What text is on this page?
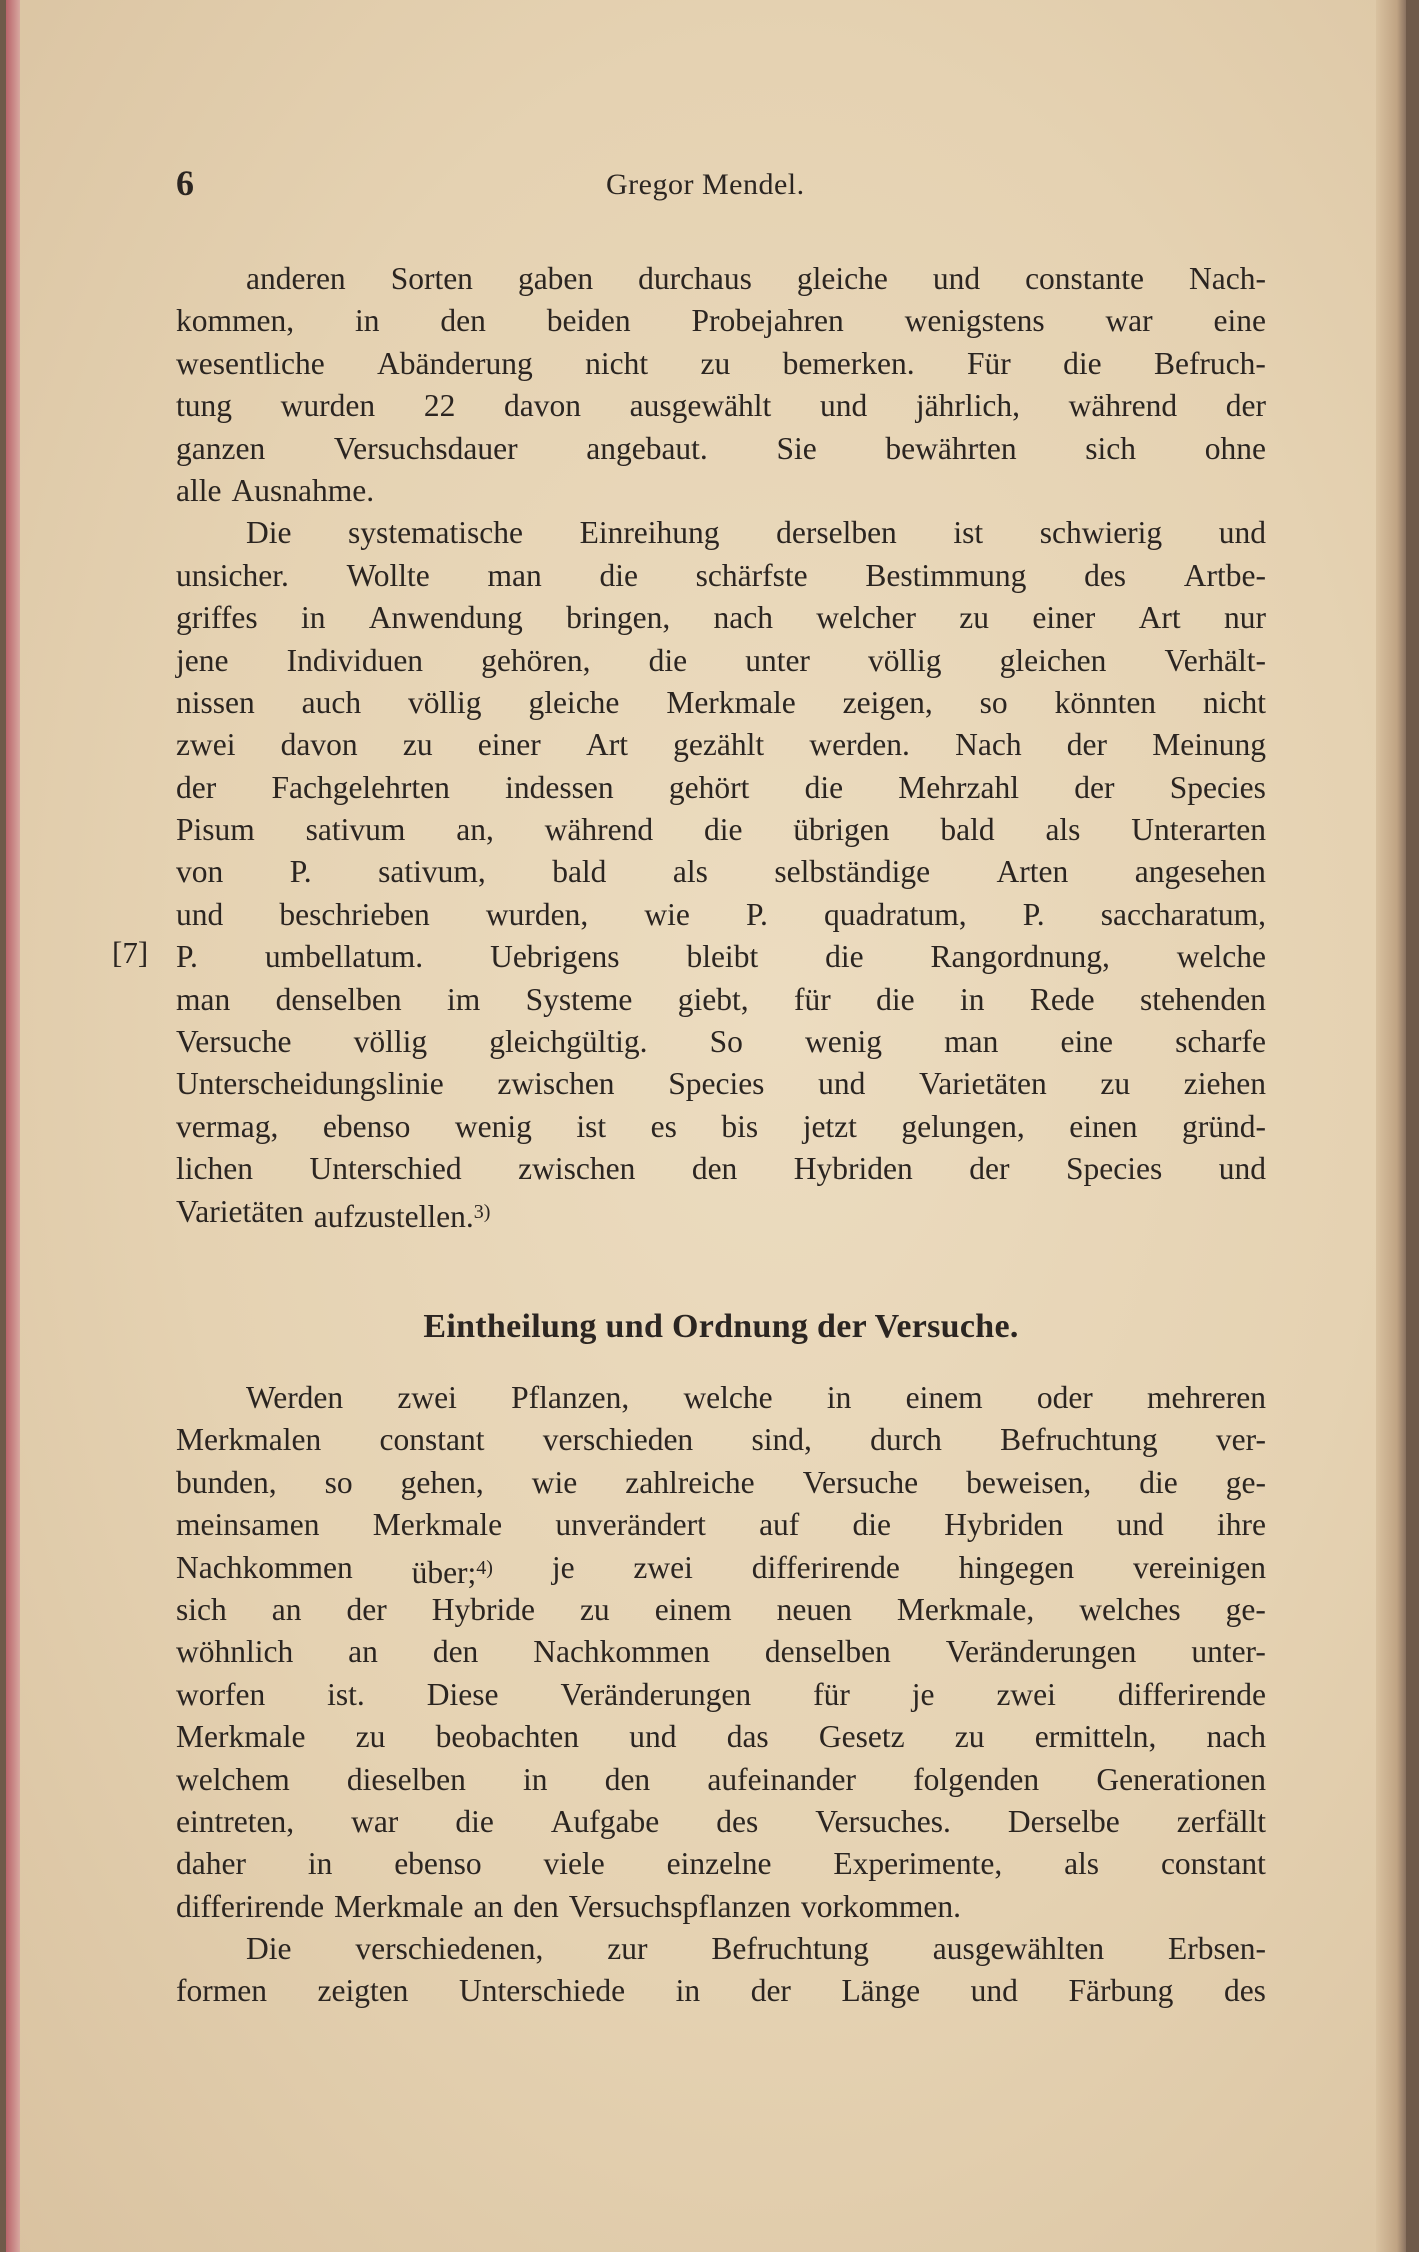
6	Gregor Mendel.
[7]
anderen Sorten gaben durchaus gleiche und constante Nach-
kommen, in den beiden Probejahren wenigstens war eine
wesentliche Abänderung nicht zu bemerken. Für die Befruch-
tung wurden 22 davon ausgewählt und jährlich, während der
ganzen Versuchsdauer angebaut. Sie bewährten sich ohne
alle Ausnahme.
Die systematische Einreihung derselben ist schwierig und
unsicher. Wollte man die schärfste Bestimmung des Artbe-
griffes in Anwendung bringen, nach welcher zu einer Art nur
jene Individuen gehören, die unter völlig gleichen Verhält-
nissen auch völlig gleiche Merkmale zeigen, so könnten nicht
zwei davon zu einer Art gezählt werden. Nach der Meinung
der Fachgelehrten indessen gehört die Mehrzahl der Species
Pisum sativum an, während die übrigen bald als Unterarten
von P. sativum, bald als selbständige Arten angesehen
und beschrieben wurden, wie P. quadratum, P. saccharatum,
P. umbellatum. Uebrigens bleibt die Rangordnung, welche
man denselben im Systeme giebt, für die in Rede stehenden
Versuche völlig gleichgültig. So wenig man eine scharfe
Unterscheidungslinie zwischen Species und Varietäten zu ziehen
vermag, ebenso wenig ist es bis jetzt gelungen, einen gründ-
lichen Unterschied zwischen den Hybriden der Species und
Varietäten aufzustellen.$^{3)}$
Eintheilung und Ordnung der Versuche.
Werden zwei Pflanzen, welche in einem oder mehreren
Merkmalen constant verschieden sind, durch Befruchtung ver-
bunden, so gehen, wie zahlreiche Versuche beweisen, die ge-
meinsamen Merkmale unverändert auf die Hybriden und ihre
Nachkommen über;$^{4)}$ je zwei differirende hingegen vereinigen
sich an der Hybride zu einem neuen Merkmale, welches ge-
wöhnlich an den Nachkommen denselben Veränderungen unter-
worfen ist. Diese Veränderungen für je zwei differirende
Merkmale zu beobachten und das Gesetz zu ermitteln, nach
welchem dieselben in den aufeinander folgenden Generationen
eintreten, war die Aufgabe des Versuches. Derselbe zerfällt
daher in ebenso viele einzelne Experimente, als constant
differirende Merkmale an den Versuchspflanzen vorkommen.
Die verschiedenen, zur Befruchtung ausgewählten Erbsen-
formen zeigten Unterschiede in der Länge und Färbung des
